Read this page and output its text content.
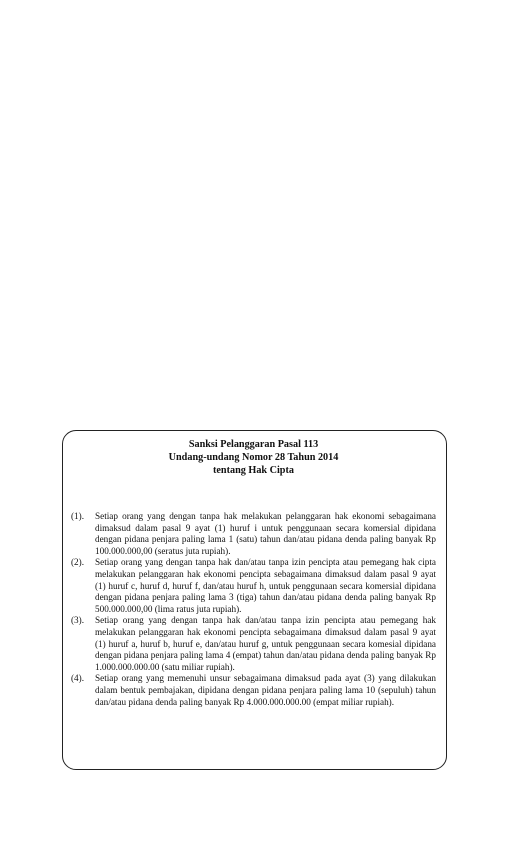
Sanksi Pelanggaran Pasal 113
Undang-undang Nomor 28 Tahun 2014
tentang Hak Cipta
(1).	Setiap orang yang dengan tanpa hak melakukan pelanggaran hak ekonomi sebagaimana dimaksud dalam pasal 9 ayat (1) huruf i untuk penggunaan secara komersial dipidana dengan pidana penjara paling lama 1 (satu) tahun dan/atau pidana denda paling banyak Rp 100.000.000,00 (seratus juta rupiah).
(2).	Setiap orang yang dengan tanpa hak dan/atau tanpa izin pencipta atau pemegang hak cipta melakukan pelanggaran hak ekonomi pencipta sebagaimana dimaksud dalam pasal 9 ayat (1) huruf c, huruf d, huruf f, dan/atau huruf h, untuk penggunaan secara komersial dipidana dengan pidana penjara paling lama 3 (tiga) tahun dan/atau pidana denda paling banyak Rp 500.000.000,00 (lima ratus juta rupiah).
(3).	Setiap orang yang dengan tanpa hak dan/atau tanpa izin pencipta atau pemegang hak melakukan pelanggaran hak ekonomi pencipta sebagaimana dimaksud dalam pasal 9 ayat (1) huruf a, huruf b, huruf e, dan/atau huruf g, untuk penggunaan secara komesial dipidana dengan pidana penjara paling lama 4 (empat) tahun dan/atau pidana denda paling banyak Rp 1.000.000.000.00 (satu miliar rupiah).
(4).	Setiap orang yang memenuhi unsur sebagaimana dimaksud pada ayat (3) yang dilakukan dalam bentuk pembajakan, dipidana dengan pidana penjara paling lama 10 (sepuluh) tahun dan/atau pidana denda paling banyak Rp 4.000.000.000.00 (empat miliar rupiah).
